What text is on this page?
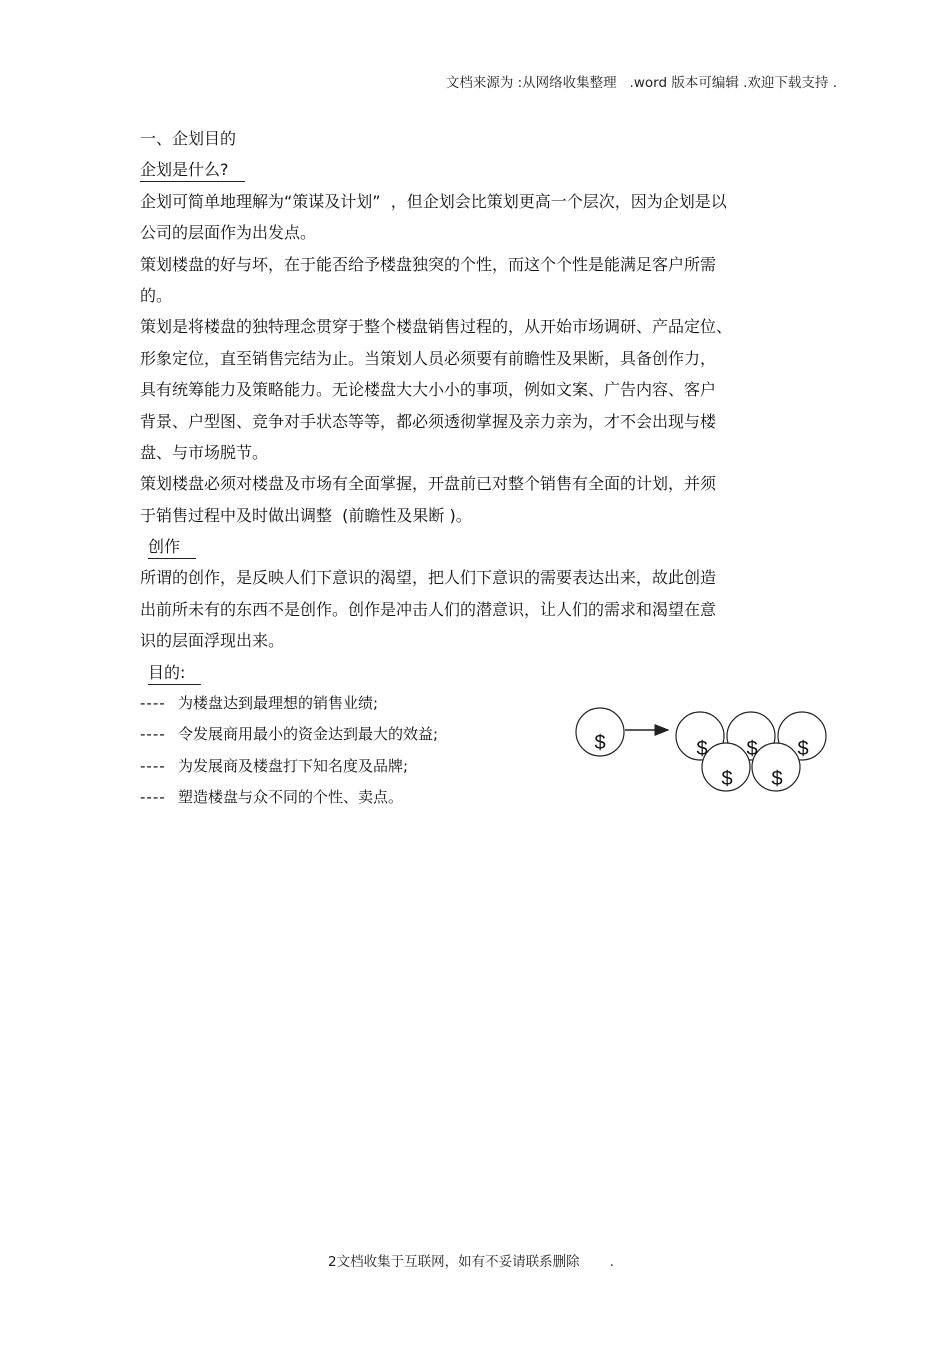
文档来源为 :从网络收集整理   .word 版本可编辑 .欢迎下载支持 .
一、企划目的
企划是什么?
企划可简单地理解为“策谋及计划”  ，但企划会比策划更高一个层次，因为企划是以
公司的层面作为出发点。
策划楼盘的好与坏，在于能否给予楼盘独突的个性，而这个个性是能满足客户所需
的。
策划是将楼盘的独特理念贯穿于整个楼盘销售过程的，从开始市场调研、产品定位、
形象定位，直至销售完结为止。当策划人员必须要有前瞻性及果断，具备创作力，
具有统筹能力及策略能力。无论楼盘大大小小的事项，例如文案、广告内容、客户
背景、户型图、竞争对手状态等等，都必须透彻掌握及亲力亲为，才不会出现与楼
盘、与市场脱节。
策划楼盘必须对楼盘及市场有全面掌握，开盘前已对整个销售有全面的计划，并须
于销售过程中及时做出调整  (前瞻性及果断 )。
创作
所谓的创作，是反映人们下意识的渴望，把人们下意识的需要表达出来，故此创造
出前所未有的东西不是创作。创作是冲击人们的潜意识，让人们的需求和渴望在意
识的层面浮现出来。
目的:
---- 为楼盘达到最理想的销售业绩;
---- 令发展商用最小的资金达到最大的效益;
---- 为发展商及楼盘打下知名度及品牌;
---- 塑造楼盘与众不同的个性、卖点。
$	$ $ $
$ $
2文档收集于互联网，如有不妥请联系删除       .
